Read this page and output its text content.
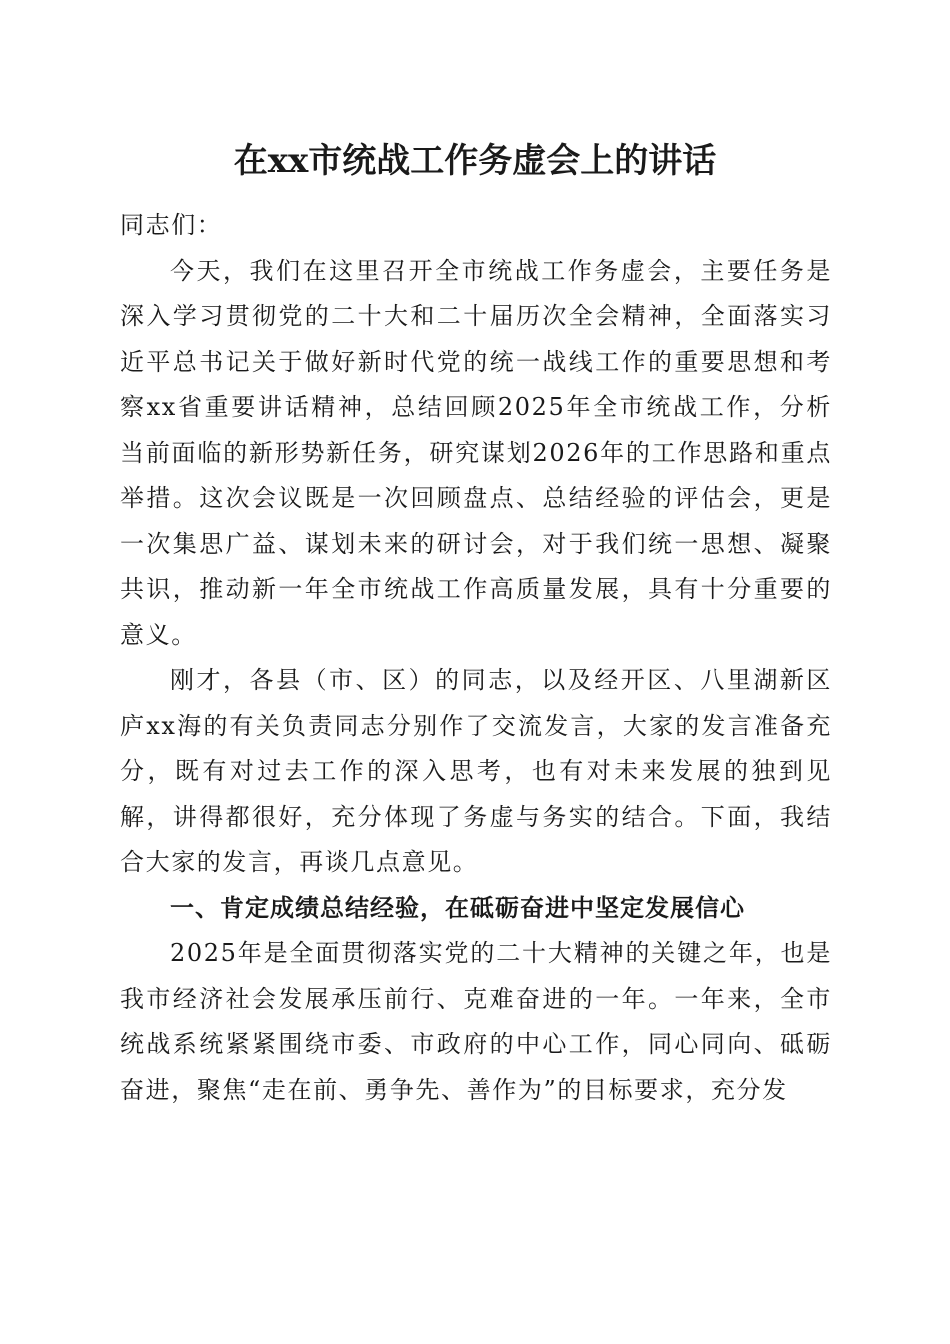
在xx市统战工作务虚会上的讲话

同志们：

今天，我们在这里召开全市统战工作务虚会，主要任务是深入学习贯彻党的二十大和二十届历次全会精神，全面落实习近平总书记关于做好新时代党的统一战线工作的重要思想和考察xx省重要讲话精神，总结回顾2025年全市统战工作，分析当前面临的新形势新任务，研究谋划2026年的工作思路和重点举措。这次会议既是一次回顾盘点、总结经验的评估会，更是一次集思广益、谋划未来的研讨会，对于我们统一思想、凝聚共识，推动新一年全市统战工作高质量发展，具有十分重要的意义。

刚才，各县（市、区）的同志，以及经开区、八里湖新区庐xx海的有关负责同志分别作了交流发言，大家的发言准备充分，既有对过去工作的深入思考，也有对未来发展的独到见解，讲得都很好，充分体现了务虚与务实的结合。下面，我结合大家的发言，再谈几点意见。

一、肯定成绩总结经验，在砥砺奋进中坚定发展信心

2025年是全面贯彻落实党的二十大精神的关键之年，也是我市经济社会发展承压前行、克难奋进的一年。一年来，全市统战系统紧紧围绕市委、市政府的中心工作，同心同向、砥砺奋进，聚焦“走在前、勇争先、善作为”的目标要求，充分发
